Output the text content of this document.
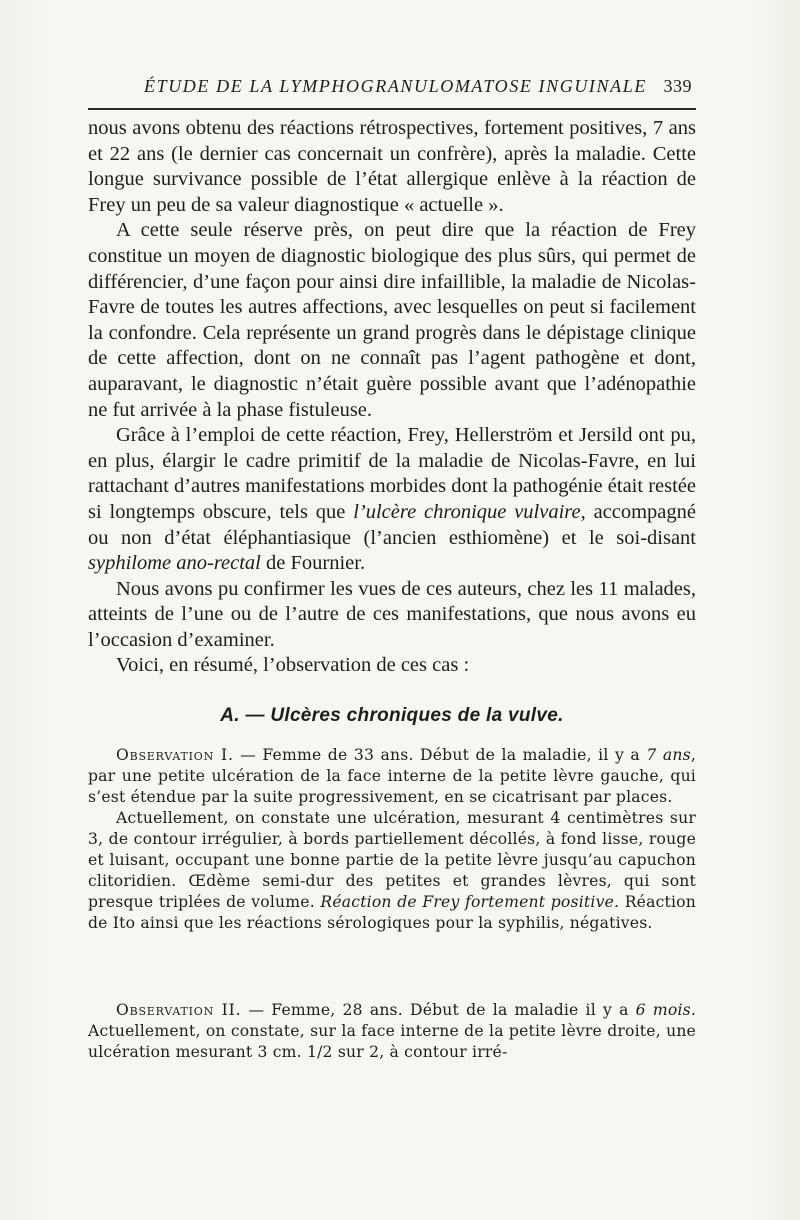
ÉTUDE DE LA LYMPHOGRANULOMATOSE INGUINALE 339

nous avons obtenu des réactions rétrospectives, fortement positives, 7 ans et 22 ans (le dernier cas concernait un confrère), après la maladie. Cette longue survivance possible de l’état allergique enlève à la réaction de Frey un peu de sa valeur diagnostique « actuelle ».

A cette seule réserve près, on peut dire que la réaction de Frey constitue un moyen de diagnostic biologique des plus sûrs, qui permet de différencier, d’une façon pour ainsi dire infaillible, la maladie de Nicolas-Favre de toutes les autres affections, avec lesquelles on peut si facilement la confondre. Cela représente un grand progrès dans le dépistage clinique de cette affection, dont on ne connaît pas l’agent pathogène et dont, auparavant, le diagnostic n’était guère possible avant que l’adénopathie ne fut arrivée à la phase fistuleuse.

Grâce à l’emploi de cette réaction, Frey, Hellerström et Jersild ont pu, en plus, élargir le cadre primitif de la maladie de Nicolas-Favre, en lui rattachant d’autres manifestations morbides dont la pathogénie était restée si longtemps obscure, tels que l’ulcère chronique vulvaire, accompagné ou non d’état éléphantiasique (l’ancien esthiomène) et le soi-disant syphilome ano-rectal de Fournier.

Nous avons pu confirmer les vues de ces auteurs, chez les 11 malades, atteints de l’une ou de l’autre de ces manifestations, que nous avons eu l’occasion d’examiner.

Voici, en résumé, l’observation de ces cas :

A. — Ulcères chroniques de la vulve.

Observation I. — Femme de 33 ans. Début de la maladie, il y a 7 ans, par une petite ulcération de la face interne de la petite lèvre gauche, qui s’est étendue par la suite progressivement, en se cicatrisant par places.

Actuellement, on constate une ulcération, mesurant 4 centimètres sur 3, de contour irrégulier, à bords partiellement décollés, à fond lisse, rouge et luisant, occupant une bonne partie de la petite lèvre jusqu’au capuchon clitoridien. Œdème semi-dur des petites et grandes lèvres, qui sont presque triplées de volume. Réaction de Frey fortement positive. Réaction de Ito ainsi que les réactions sérologiques pour la syphilis, négatives.

Observation II. — Femme, 28 ans. Début de la maladie il y a 6 mois. Actuellement, on constate, sur la face interne de la petite lèvre droite, une ulcération mesurant 3 cm. 1/2 sur 2, à contour irré-
